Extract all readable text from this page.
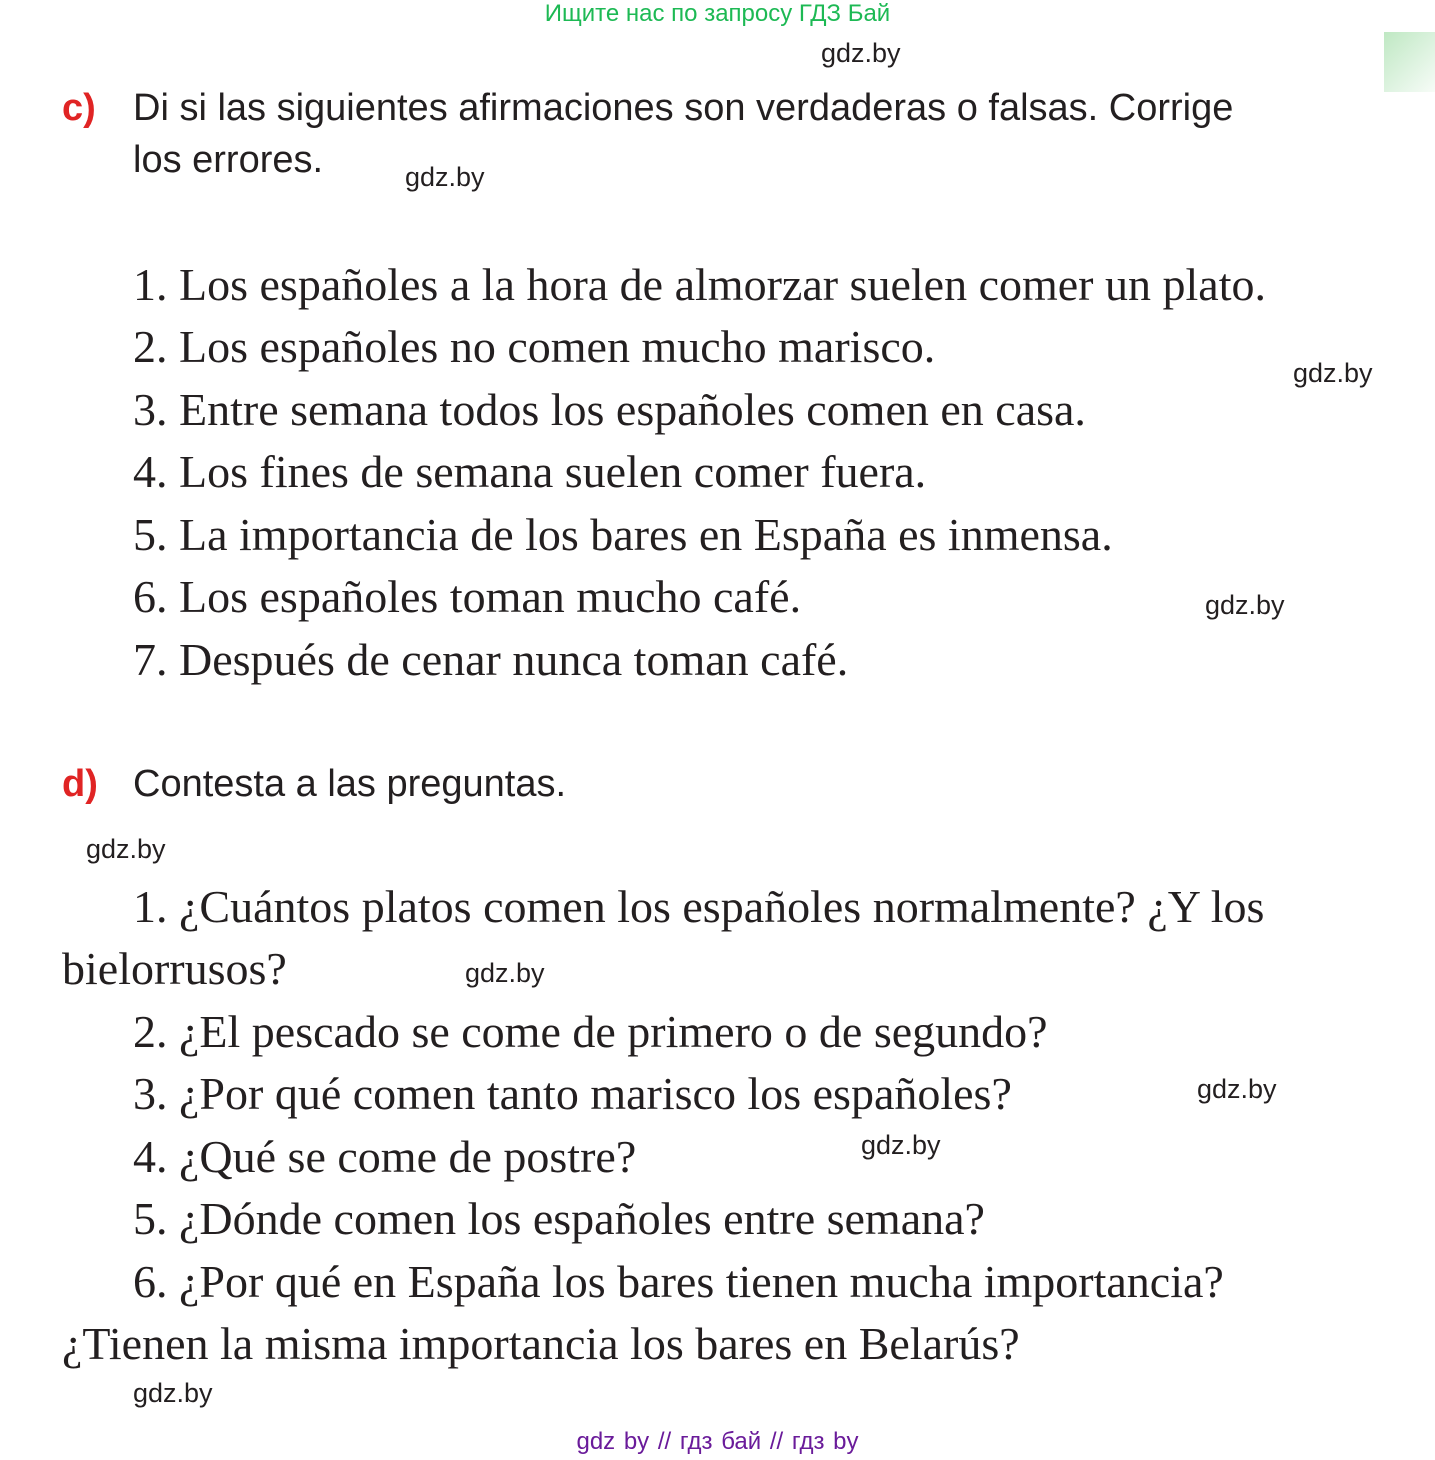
Ищите нас по запросу ГДЗ Бай
gdz.by
gdz.by
gdz.by
gdz.by
gdz.by
gdz.by
gdz.by
gdz.by
gdz.by
c) Di si las siguientes afirmaciones son verdaderas o falsas. Corrige
los errores.
1. Los españoles a la hora de almorzar suelen comer un plato.
2. Los españoles no comen mucho marisco.
3. Entre semana todos los españoles comen en casa.
4. Los fines de semana suelen comer fuera.
5. La importancia de los bares en España es inmensa.
6. Los españoles toman mucho café.
7. Después de cenar nunca toman café.
d) Contesta a las preguntas.
1. ¿Cuántos platos comen los españoles normalmente? ¿Y los
bielorrusos?
2. ¿El pescado se come de primero o de segundo?
3. ¿Por qué comen tanto marisco los españoles?
4. ¿Qué se come de postre?
5. ¿Dónde comen los españoles entre semana?
6. ¿Por qué en España los bares tienen mucha importancia?
¿Tienen la misma importancia los bares en Belarús?
gdz by // гдз бай // гдз by
